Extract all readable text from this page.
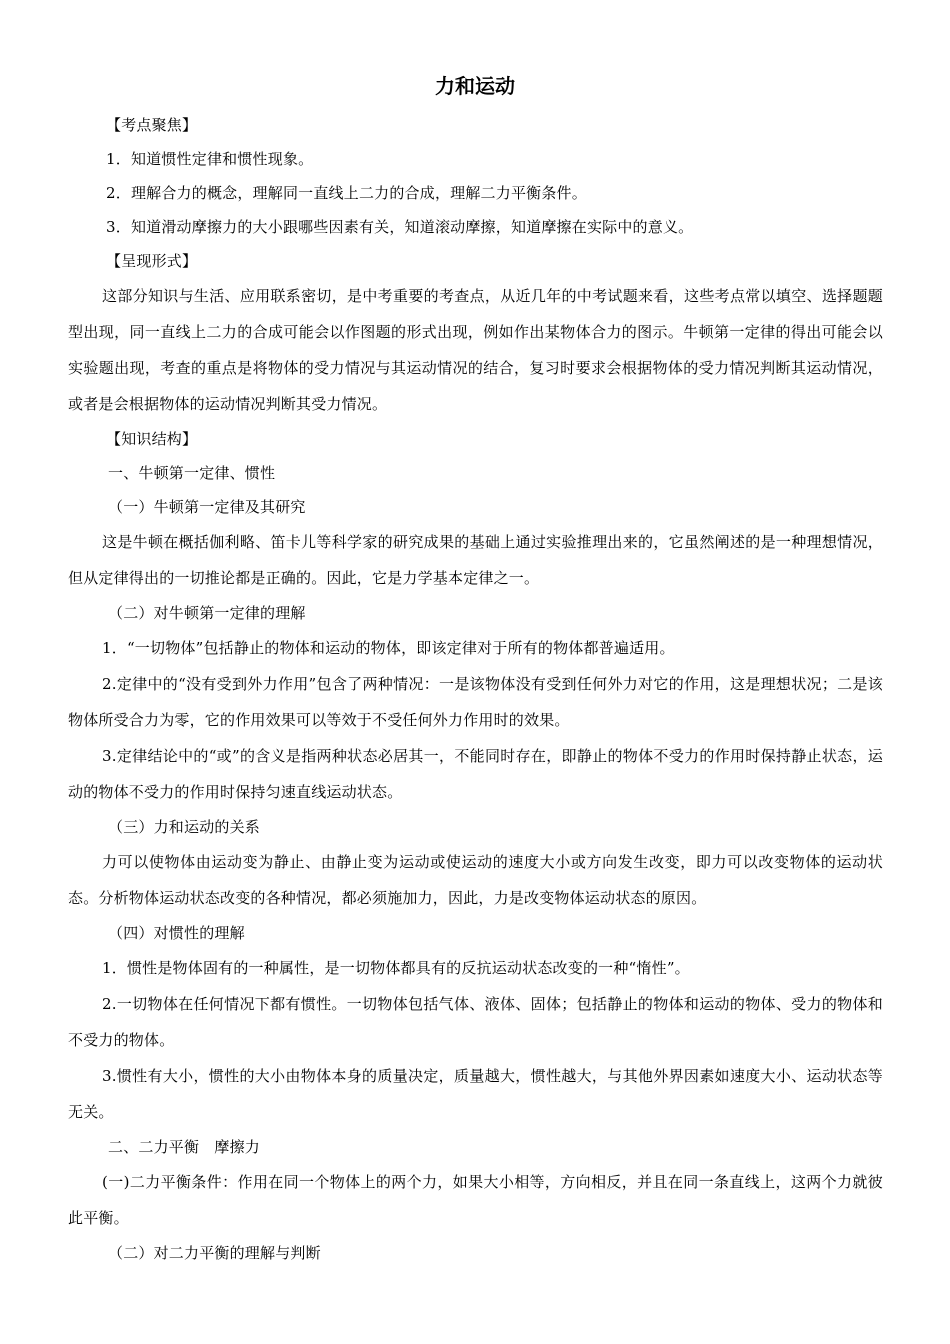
力和运动

【考点聚焦】

1．知道惯性定律和惯性现象。

2．理解合力的概念，理解同一直线上二力的合成，理解二力平衡条件。

3．知道滑动摩擦力的大小跟哪些因素有关，知道滚动摩擦，知道摩擦在实际中的意义。

【呈现形式】

这部分知识与生活、应用联系密切，是中考重要的考查点，从近几年的中考试题来看，这些考点常以填空、选择题题型出现，同一直线上二力的合成可能会以作图题的形式出现，例如作出某物体合力的图示。牛顿第一定律的得出可能会以实验题出现，考查的重点是将物体的受力情况与其运动情况的结合，复习时要求会根据物体的受力情况判断其运动情况，或者是会根据物体的运动情况判断其受力情况。

【知识结构】

一、牛顿第一定律、惯性

（一）牛顿第一定律及其研究

这是牛顿在概括伽利略、笛卡儿等科学家的研究成果的基础上通过实验推理出来的，它虽然阐述的是一种理想情况，但从定律得出的一切推论都是正确的。因此，它是力学基本定律之一。

（二）对牛顿第一定律的理解

1．“一切物体”包括静止的物体和运动的物体，即该定律对于所有的物体都普遍适用。

2.定律中的“没有受到外力作用”包含了两种情况：一是该物体没有受到任何外力对它的作用，这是理想状况；二是该物体所受合力为零，它的作用效果可以等效于不受任何外力作用时的效果。

3.定律结论中的“或”的含义是指两种状态必居其一，不能同时存在，即静止的物体不受力的作用时保持静止状态，运动的物体不受力的作用时保持匀速直线运动状态。

（三）力和运动的关系

力可以使物体由运动变为静止、由静止变为运动或使运动的速度大小或方向发生改变，即力可以改变物体的运动状态。分析物体运动状态改变的各种情况，都必须施加力，因此，力是改变物体运动状态的原因。

（四）对惯性的理解

1．惯性是物体固有的一种属性，是一切物体都具有的反抗运动状态改变的一种“惰性”。

2.一切物体在任何情况下都有惯性。一切物体包括气体、液体、固体；包括静止的物体和运动的物体、受力的物体和不受力的物体。

3.惯性有大小，惯性的大小由物体本身的质量决定，质量越大，惯性越大，与其他外界因素如速度大小、运动状态等无关。

二、二力平衡　摩擦力

(一)二力平衡条件：作用在同一个物体上的两个力，如果大小相等，方向相反，并且在同一条直线上，这两个力就彼此平衡。

（二）对二力平衡的理解与判断
